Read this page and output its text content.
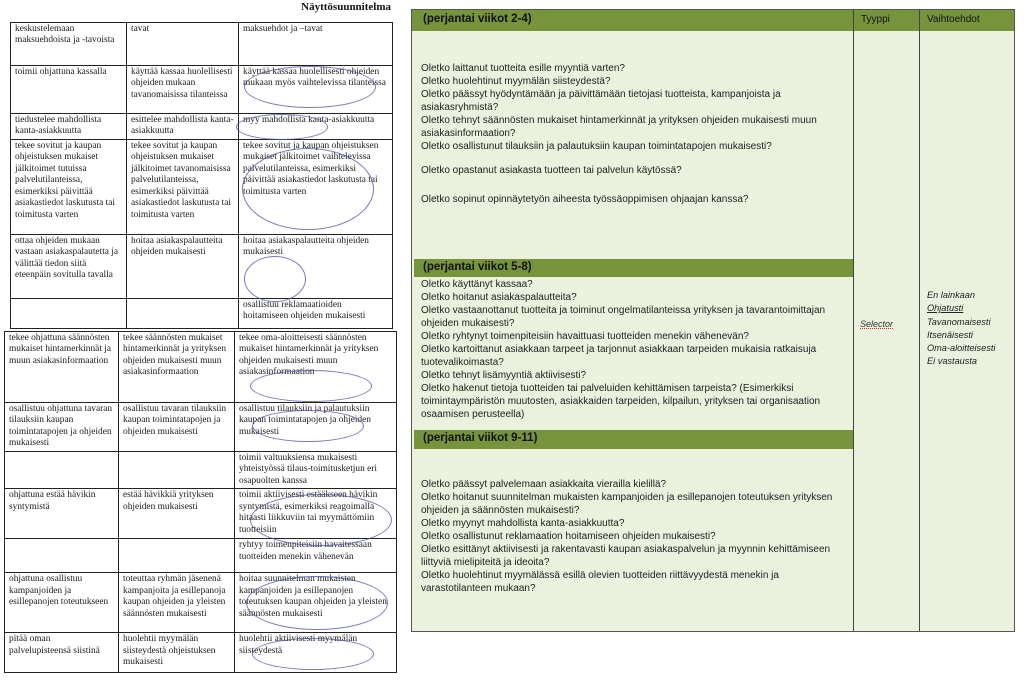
Näyttösuunnitelma
keskustelemaan maksuehdoista ja -tavoista	tavat	maksuehdot ja –tavat
toimii ohjattuna kassalla	käyttää kassaa huolellisesti ohjeiden mukaan tavanomaisissa tilanteissa	käyttää kassaa huolellisesti ohjeiden mukaan myös vaihtelevissa tilanteissa
tiedustelee mahdollista kanta-asiakkuutta	esittelee mahdollista kanta-asiakkuutta	myy mahdollista kanta-asiakkuutta
tekee sovitut ja kaupan ohjeistuksen mukaiset jälkitoimet tutuissa palvelutilanteissa, esimerkiksi päivittää asiakastiedot laskutusta tai toimitusta varten	tekee sovitut ja kaupan ohjeistuksen mukaiset jälkitoimet tavanomaisissa palvelutilanteissa, esimerkiksi päivittää asiakastiedot laskutusta tai toimitusta varten	tekee sovitut ja kaupan ohjeistuksen mukaiset jälkitoimet vaihtelevissa palvelutilanteissa, esimerkiksi päivittää asiakastiedot laskutusta tai toimitusta varten
ottaa ohjeiden mukaan vastaan asiakaspalautetta ja välittää tiedon siitä eteenpäin sovitulla tavalla	hoitaa asiakaspalautteita ohjeiden mukaisesti	hoitaa asiakaspalautteita ohjeiden mukaisesti
		osallistuu reklamaatioiden hoitamiseen ohjeiden mukaisesti
tekee ohjattuna säännösten mukaiset hintamerkinnät ja muun asiakasinformaation	tekee säännösten mukaiset hintamerkinnät ja yrityksen ohjeiden mukaisesti muun asiakasinformaation	tekee oma-aloitteisesti säännösten mukaiset hintamerkinnät ja yrityksen ohjeiden mukaisesti muun asiakasinformaation
osallistuu ohjattuna tavaran tilauksiin kaupan toimintatapojen ja ohjeiden mukaisesti	osallistuu tavaran tilauksiin kaupan toimintatapojen ja ohjeiden mukaisesti	osallistuu tilauksiin ja palautuksiin kaupan toimintatapojen ja ohjeiden mukaisesti
		toimii valtuuksiensa mukaisesti yhteistyössä tilaus-toimitusketjun eri osapuolten kanssa
ohjattuna estää hävikin syntymistä	estää hävikkiä yrityksen ohjeiden mukaisesti	toimii aktiivisesti estääkseen hävikin syntymistä, esimerkiksi reagoimalla hitaasti liikkuviin tai myymättömiin tuotteisiin
		ryhtyy toimenpiteisiin havaitessaan tuotteiden menekin vähenevän
ohjattuna osallistuu kampanjoiden ja esillepanojen toteutukseen	toteuttaa ryhmän jäsenenä kampanjoita ja esillepanoja kaupan ohjeiden ja yleisten säännösten mukaisesti	hoitaa suunnitelman mukaisten kampanjoiden ja esillepanojen toteutuksen kaupan ohjeiden ja yleisten säännösten mukaisesti
pitää oman palvelupisteensä siistinä	huolehtii myymälän siisteydestä ohjeistuksen mukaisesti	huolehtii aktiivisesti myymälän siisteydestä
(perjantai viikot 2-4)	Tyyppi	Vaihtoehdot
Oletko laittanut tuotteita esille myyntiä varten?
Oletko huolehtinut myymälän siisteydestä?
Oletko päässyt hyödyntämään ja päivittämään tietojasi tuotteista, kampanjoista ja asiakasryhmistä?
Oletko tehnyt säännösten mukaiset hintamerkinnät ja yrityksen ohjeiden mukaisesti muun asiakasinformaation?
Oletko osallistunut tilauksiin ja palautuksiin kaupan toimintatapojen mukaisesti?
Oletko opastanut asiakasta tuotteen tai palvelun käytössä?
Oletko sopinut opinnäytetyön aiheesta työssäoppimisen ohjaajan kanssa?
(perjantai viikot 5-8)
Oletko käyttänyt kassaa?
Oletko hoitanut asiakaspalautteita?
Oletko vastaanottanut tuotteita ja toiminut ongelmatilanteissa yrityksen ja tavarantoimittajan ohjeiden mukaisesti?
Oletko ryhtynyt toimenpiteisiin havaittuasi tuotteiden menekin vähenevän?
Oletko kartoittanut asiakkaan tarpeet ja tarjonnut asiakkaan tarpeiden mukaisia ratkaisuja tuotevalikoimasta?
Oletko tehnyt lisämyyntiä aktiivisesti?
Oletko hakenut tietoja tuotteiden tai palveluiden kehittämisen tarpeista? (Esimerkiksi toimintaympäristön muutosten, asiakkaiden tarpeiden, kilpailun, yrityksen tai organisaation osaamisen perusteella)
(perjantai viikot 9-11)
Oletko päässyt palvelemaan asiakkaita vierailla kielillä?
Oletko hoitanut suunnitelman mukaisten kampanjoiden ja esillepanojen toteutuksen yrityksen ohjeiden ja säännösten mukaisesti?
Oletko myynyt mahdollista kanta-asiakkuutta?
Oletko osallistunut reklamaation hoitamiseen ohjeiden mukaisesti?
Oletko esittänyt aktiivisesti ja rakentavasti kaupan asiakaspalvelun ja myynnin kehittämiseen liittyviä mielipiteitä ja ideoita?
Oletko huolehtinut myymälässä esillä olevien tuotteiden riittävyydestä menekin ja varastotilanteen mukaan?
Selector
En lainkaan
Ohjatusti
Tavanomaisesti
Itsenäisesti
Oma-aloitteisesti
Ei vastausta
